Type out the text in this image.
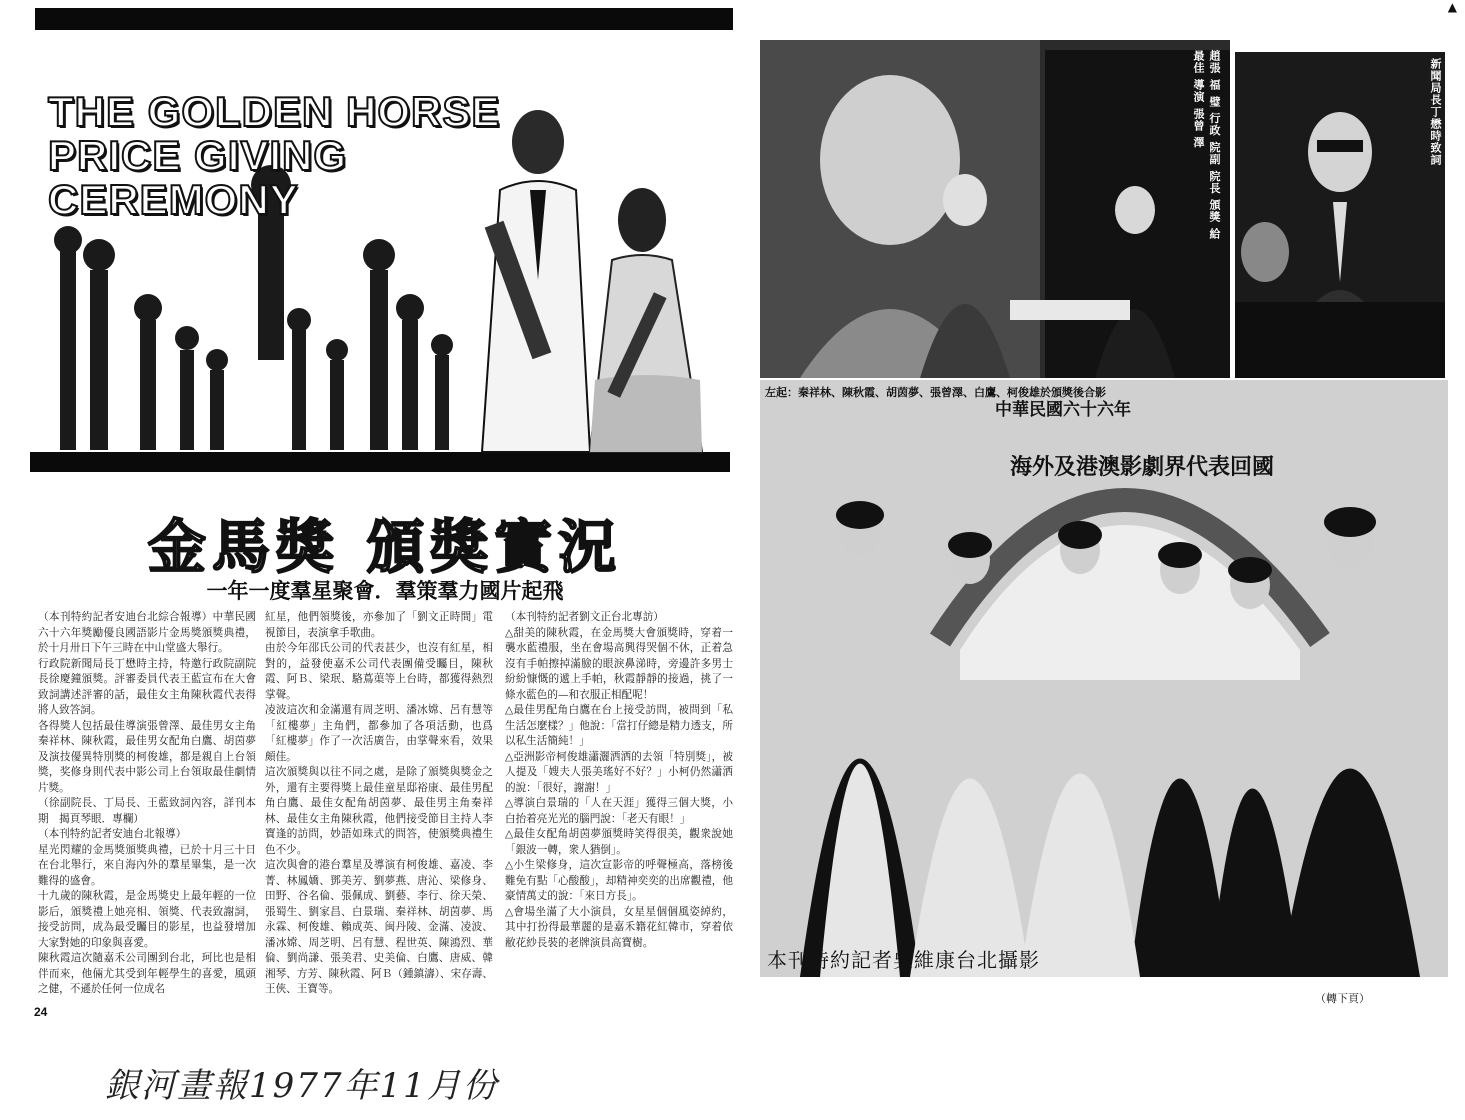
THE GOLDEN HORSE
PRICE GIVING
CEREMONY
金馬獎 頒獎實況
一年一度羣星聚會．羣策羣力國片起飛

（本刊特約記者安迪台北綜合報導）中華民國六十六年獎勵優良國語影片金馬獎頒獎典禮，於十月卅日下午三時在中山堂盛大舉行。

行政院新聞局長丁懋時主持，特邀行政院副院長徐慶鐘頒獎。評審委員代表王藍宣布在大會致詞講述評審的話，最佳女主角陳秋霞代表得將人致答詞。

各得獎人包括最佳導演張曾澤、最佳男女主角秦祥林、陳秋霞，最佳男女配角白鷹、胡茵夢及演技優異特別獎的柯俊雄，都是親自上台領獎，奖修身則代表中影公司上台領取最佳劇情片獎。

（徐副院長、丁局長、王藍致詞內容，詳刊本期　揭頁琴眼．專欄）

（本刊特約記者安迪台北報導）

星光閃耀的金馬獎頒獎典禮，已於十月三十日在台北舉行，來自海內外的羣星畢集，是一次難得的盛會。

十九歲的陳秋霞，是金馬獎史上最年輕的一位影后，頒獎禮上她亮相、領獎、代表致謝詞，接受訪問，成為最受矚目的影星，也益發增加大家對她的印象與喜愛。

陳秋霞這次隨嘉禾公司團到台北，珂比也是相伴而來，他倆尤其受到年輕學生的喜愛，風頭之健，不遜於任何一位成名

紅星，他們領獎後，亦參加了「劉文正時間」電視節目，表演拿手歌曲。

由於今年邵氏公司的代表甚少，也沒有紅星，相對的，益發使嘉禾公司代表團備受矚目，陳秋霞、阿Ｂ、梁珉、駱蔦蕖等上台時，都獲得熱烈掌聲。

凌波這次和金滿還有周芝明、潘冰嫦、呂有慧等「紅樓夢」主角們，都參加了各項活動，也爲「紅樓夢」作了一次活廣告，由掌聲來看，效果頗佳。

這次頒獎與以往不同之處，是除了頒獎與獎金之外，還有主要得獎上最佳童星邸裕康、最佳男配角白鷹、最佳女配角胡茵夢、最佳男主角秦祥林、最佳女主角陳秋霞，他們接受節目主持人李寶逢的訪問，妙語如珠式的問答，使頒獎典禮生色不少。

這次與會的港台羣星及導演有柯俊雄、嘉凌、李菁、林鳳嬌、鄧美芳、劉夢燕、唐沁、梁修身、田野、谷名倫、張佩成、劉藝、李行、徐天榮、張蜀生、劉家昌、白景瑞、秦祥林、胡茵夢、馬永霖、柯俊雄、賴成英、闽丹陵、金滿、凌波、潘冰嫦、周芝明、呂有慧、程世英、陳鴻烈、華倫、劉尚謙、張美君、史美倫、白鷹、唐威、韓湘琴、方芳、陳秋霞、阿Ｂ（鍾鎮濤）、宋存壽、王俠、王寶等。

（本刊特約記者劉文正台北專訪）

△甜美的陳秋霞，在金馬獎大會頒獎時，穿着一襲水藍禮服，坐在會場高興得哭個不休，正着急沒有手帕擦掉滿臉的眼淚鼻涕時，旁邊許多男士紛紛慷慨的遞上手帕，秋霞靜靜的接過，挑了一條水藍色的—和衣服正相配呢！

△最佳男配角白鷹在台上接受訪問，被問到「私生活怎麼樣？」他說：「當打仔總是精力透支，所以私生活簡純！」

△亞洲影帝柯俊雄瀟灑洒洒的去領「特別獎」，被人提及「嫂夫人張美瑤好不好？」小柯仍然瀟洒的說：「很好，謝謝！」

△導演白景瑞的「人在天涯」獲得三個大獎，小白抬着亮光光的腦門說：「老天有眼！」

△最佳女配角胡茵夢頒獎時笑得很美，觀衆說她「銀波一轉，衆人猶倒」。

△小生梁修身，這次宣影帝的呼聲極高，落榜後難免有點「心酸酸」，却精神奕奕的出席觀禮，他豪情萬丈的說：「來日方長」。

△會場坐滿了大小演員，女星星個個風姿綽約，其中打扮得最華麗的是嘉禾籍花紅韓市，穿着依敝花紗長裝的老牌演員高寶樹。

24
銀河畫報1977年11月份
▲
趙張 福 璧 行政 院副 院長 頒獎 給最佳 導演 張曾 澤	新聞局長丁懋時致詞
左起：秦祥林、陳秋霞、胡茵夢、張曾澤、白鷹、柯俊雄於頒獎後合影
中華民國六十六年
海外及港澳影劇界代表回國
本刊特約記者吳維康台北攝影
（轉下頁）
